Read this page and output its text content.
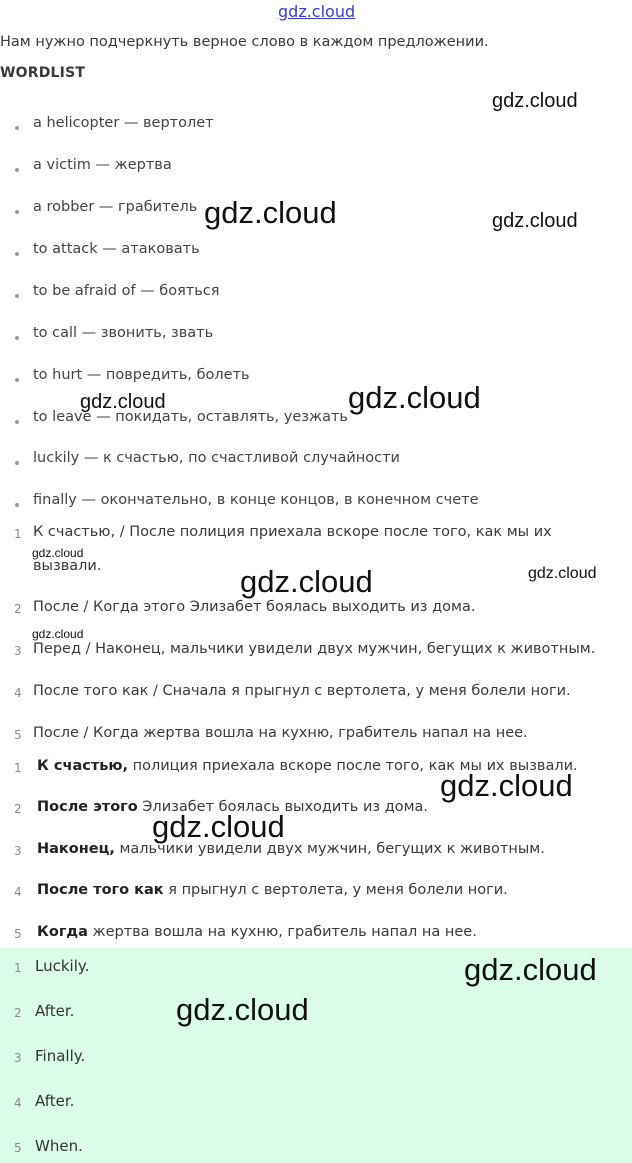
gdz.cloud
Нам нужно подчеркнуть верное слово в каждом предложении.
WORDLIST
a helicopter — вертолет
a victim — жертва
a robber — грабитель
to attack — атаковать
to be afraid of — бояться
to call — звонить, звать
to hurt — повредить, болеть
to leave — покидать, оставлять, уезжать
luckily — к счастью, по счастливой случайности
finally — окончательно, в конце концов, в конечном счете
1 К счастью, / После полиция приехала вскоре после того, как мы их
вызвали.
2 После / Когда этого Элизабет боялась выходить из дома.
3 Перед / Наконец, мальчики увидели двух мужчин, бегущих к животным.
4 После того как / Сначала я прыгнул с вертолета, у меня болели ноги.
5 После / Когда жертва вошла на кухню, грабитель напал на нее.
1 К счастью, полиция приехала вскоре после того, как мы их вызвали.
2 После этого Элизабет боялась выходить из дома.
3 Наконец, мальчики увидели двух мужчин, бегущих к животным.
4 После того как я прыгнул с вертолета, у меня болели ноги.
5 Когда жертва вошла на кухню, грабитель напал на нее.
1 Luckily.
2 After.
3 Finally.
4 After.
5 When.
gdz.cloud
gdz.cloud	gdz.cloud
gdz.cloud
gdz.cloud
gdz.cloud
gdz.cloud	gdz.cloud
gdz.cloud
gdz.cloud
gdz.cloud
gdz.cloud
gdz.cloud
